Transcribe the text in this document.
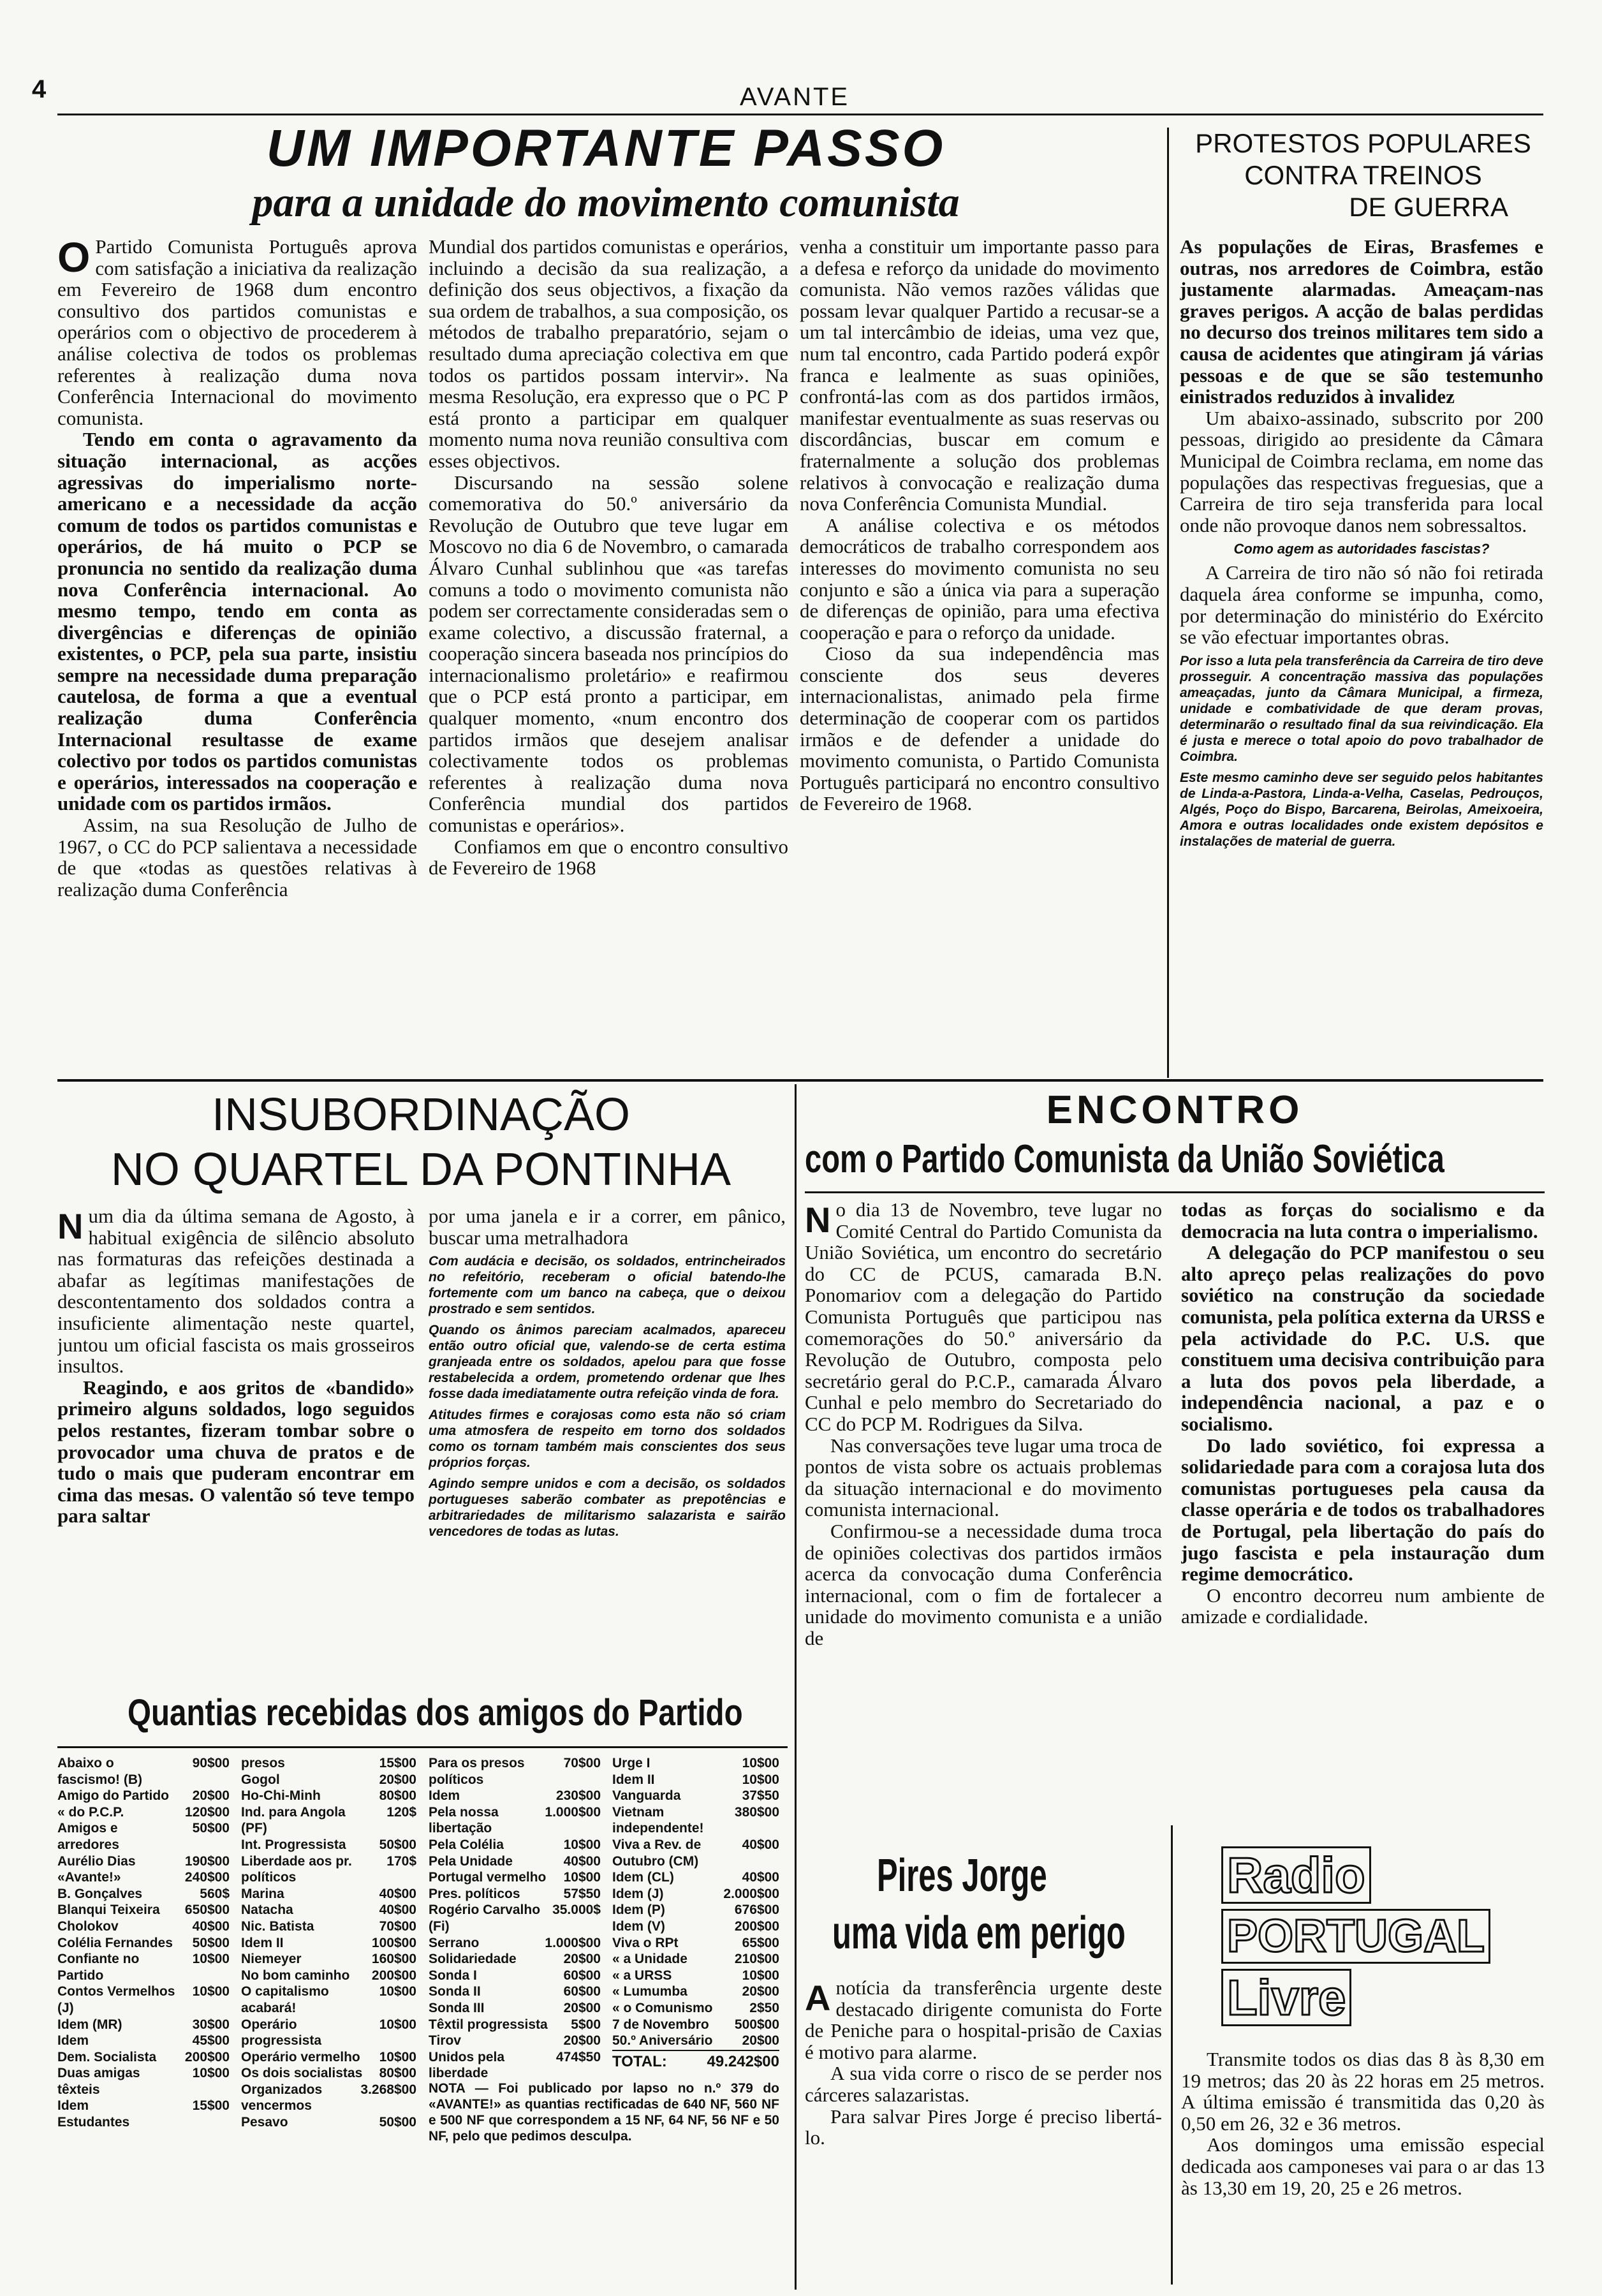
4	AVANTE
UM IMPORTANTE PASSO
para a unidade do movimento comunista
O Partido Comunista Português aprova com satisfação a iniciativa da realização em Fevereiro de 1968 dum encontro consultivo dos partidos comunistas e operários com o objectivo de procederem à análise colectiva de todos os problemas referentes à realização duma nova Conferência Internacional do movimento comunista.

Tendo em conta o agravamento da situação internacional, as acções agressivas do imperialismo norte-americano e a necessidade da acção comum de todos os partidos comunistas e operários, de há muito o PCP se pronuncia no sentido da realização duma nova Conferência internacional. Ao mesmo tempo, tendo em conta as divergências e diferenças de opinião existentes, o PCP, pela sua parte, insistiu sempre na necessidade duma preparação cautelosa, de forma a que a eventual realização duma Conferência Internacional resultasse de exame colectivo por todos os partidos comunistas e operários, interessados na cooperação e unidade com os partidos irmãos.

Assim, na sua Resolução de Julho de 1967, o CC do PCP salientava a necessidade de que «todas as questões relativas à realização duma Conferência

Mundial dos partidos comunistas e operários, incluindo a decisão da sua realização, a definição dos seus objectivos, a fixação da sua ordem de trabalhos, a sua composição, os métodos de trabalho preparatório, sejam o resultado duma apreciação colectiva em que todos os partidos possam intervir». Na mesma Resolução, era expresso que o PC P está pronto a participar em qualquer momento numa nova reunião consultiva com esses objectivos.

Discursando na sessão solene comemorativa do 50.º aniversário da Revolução de Outubro que teve lugar em Moscovo no dia 6 de Novembro, o camarada Álvaro Cunhal sublinhou que «as tarefas comuns a todo o movimento comunista não podem ser correctamente consideradas sem o exame colectivo, a discussão fraternal, a cooperação sincera baseada nos princípios do internacionalismo proletário» e reafirmou que o PCP está pronto a participar, em qualquer momento, «num encontro dos partidos irmãos que desejem analisar colectivamente todos os problemas referentes à realização duma nova Conferência mundial dos partidos comunistas e operários».

Confiamos em que o encontro consultivo de Fevereiro de 1968

venha a constituir um importante passo para a defesa e reforço da unidade do movimento comunista. Não vemos razões válidas que possam levar qualquer Partido a recusar-se a um tal intercâmbio de ideias, uma vez que, num tal encontro, cada Partido poderá expôr franca e lealmente as suas opiniões, confrontá-las com as dos partidos irmãos, manifestar eventualmente as suas reservas ou discordâncias, buscar em comum e fraternalmente a solução dos problemas relativos à convocação e realização duma nova Conferência Comunista Mundial.

A análise colectiva e os métodos democráticos de trabalho correspondem aos interesses do movimento comunista no seu conjunto e são a única via para a superação de diferenças de opinião, para uma efectiva cooperação e para o reforço da unidade.

Cioso da sua independência mas consciente dos seus deveres internacionalistas, animado pela firme determinação de cooperar com os partidos irmãos e de defender a unidade do movimento comunista, o Partido Comunista Português participará no encontro consultivo de Fevereiro de 1968.

PROTESTOS POPULARES
CONTRA TREINOS
DE GUERRA

As populações de Eiras, Brasfemes e outras, nos arredores de Coimbra, estão justamente alarmadas. Ameaçam-nas graves perigos. A acção de balas perdidas no decurso dos treinos militares tem sido a causa de acidentes que atingiram já várias pessoas e de que se são testemunho einistrados reduzidos à invalidez

Um abaixo-assinado, subscrito por 200 pessoas, dirigido ao presidente da Câmara Municipal de Coimbra reclama, em nome das populações das respectivas freguesias, que a Carreira de tiro seja transferida para local onde não provoque danos nem sobressaltos.

Como agem as autoridades fascistas?

A Carreira de tiro não só não foi retirada daquela área conforme se impunha, como, por determinação do ministério do Exército se vão efectuar importantes obras.

Por isso a luta pela transferência da Carreira de tiro deve prosseguir. A concentração massiva das populações ameaçadas, junto da Câmara Municipal, a firmeza, unidade e combatividade de que deram provas, determinarão o resultado final da sua reivindicação. Ela é justa e merece o total apoio do povo trabalhador de Coimbra.

Este mesmo caminho deve ser seguido pelos habitantes de Linda-a-Pastora, Linda-a-Velha, Caselas, Pedrouços, Algés, Poço do Bispo, Barcarena, Beirolas, Ameixoeira, Amora e outras localidades onde existem depósitos e instalações de material de guerra.

INSUBORDINAÇÃO
NO QUARTEL DA PONTINHA
N um dia da última semana de Agosto, à habitual exigência de silêncio absoluto nas formaturas das refeições destinada a abafar as legítimas manifestações de descontentamento dos soldados contra a insuficiente alimentação neste quartel, juntou um oficial fascista os mais grosseiros insultos.

Reagindo, e aos gritos de «bandido» primeiro alguns soldados, logo seguidos pelos restantes, fizeram tombar sobre o provocador uma chuva de pratos e de tudo o mais que puderam encontrar em cima das mesas. O valentão só teve tempo para saltar

por uma janela e ir a correr, em pânico, buscar uma metralhadora

Com audácia e decisão, os soldados, entrincheirados no refeitório, receberam o oficial batendo-lhe fortemente com um banco na cabeça, que o deixou prostrado e sem sentidos.

Quando os ânimos pareciam acalmados, apareceu então outro oficial que, valendo-se de certa estima granjeada entre os soldados, apelou para que fosse restabelecida a ordem, prometendo ordenar que lhes fosse dada imediatamente outra refeição vinda de fora.

Atitudes firmes e corajosas como esta não só criam uma atmosfera de respeito em torno dos soldados como os tornam também mais conscientes dos seus próprios forças.

Agindo sempre unidos e com a decisão, os soldados portugueses saberão combater as prepotências e arbitrariedades de militarismo salazarista e sairão vencedores de todas as lutas.

Quantias recebidas dos amigos do Partido
Abaixo o fascismo! (B)
90$00
Amigo do Partido 20$00
« do P.C.P.	120$00
Amigos e arredores
50$00
Aurélio Dias	190$00
«Avante!»	240$00
B. Gonçalves	560$
Blanqui Teixeira 650$00
Cholokov	40$00
Colélia Fernandes 50$00
Confiante no Partido
10$00
Contos Vermelhos (J)
10$00
Idem (MR)	30$00
Idem	45$00
Dem. Socialista 200$00
Duas amigas têxteis
10$00
Idem	15$00
Estudantes
presos	15$00
Gogol	20$00
Ho-Chi-Minh	80$00
Ind. para Angola (PF)
120$
Int. Progressista 50$00
Liberdade aos pr. políticos
170$
Marina	40$00
Natacha	40$00
Nic. Batista	70$00
Idem II	100$00
Niemeyer	160$00
No bom caminho 200$00
O capitalismo acabará!
10$00
Operário progressista
10$00
Operário vermelho 10$00
Os dois socialistas 80$00
Organizados vencermos
3.268$00
Pesavo	50$00
Para os presos políticos
70$00
Idem	230$00
Pela nossa libertação
1.000$00
Pela Colélia	10$00
Pela Unidade	40$00
Portugal vermelho 10$00
Pres. políticos	57$50
Rogério Carvalho (Fi)
35.000$
Serrano	1.000$00
Solidariedade	20$00
Sonda I	60$00
Sonda II	60$00
Sonda III	20$00
Têxtil progressista 5$00
Tirov	20$00
Unidos pela liberdade
474$50
Urge I	10$00
Idem II	10$00
Vanguarda	37$50
Vietnam independente!
380$00
Viva a Rev. de Outubro (CM)
40$00
Idem (CL)	40$00
Idem (J)	2.000$00
Idem (P)	676$00
Idem (V)	200$00
Viva o RPt	65$00
« a Unidade	210$00
« a URSS	10$00
« Lumumba	20$00
« o Comunismo	2$50
7 de Novembro 500$00
50.º Aniversário 20$00
TOTAL:	49.242$00
NOTA — Foi publicado por lapso no n.º 379 do «AVANTE!» as quantias rectificadas de 640 NF, 560 NF e 500 NF que correspondem a 15 NF, 64 NF, 56 NF e 50 NF, pelo que pedimos desculpa.
ENCONTRO
com o Partido Comunista da União Soviética
N o dia 13 de Novembro, teve lugar no Comité Central do Partido Comunista da União Soviética, um encontro do secretário do CC de PCUS, camarada B.N. Ponomariov com a delegação do Partido Comunista Português que participou nas comemorações do 50.º aniversário da Revolução de Outubro, composta pelo secretário geral do P.C.P., camarada Álvaro Cunhal e pelo membro do Secretariado do CC do PCP M. Rodrigues da Silva.

Nas conversações teve lugar uma troca de pontos de vista sobre os actuais problemas da situação internacional e do movimento comunista internacional.

Confirmou-se a necessidade duma troca de opiniões colectivas dos partidos irmãos acerca da convocação duma Conferência internacional, com o fim de fortalecer a unidade do movimento comunista e a união de

todas as forças do socialismo e da democracia na luta contra o imperialismo.

A delegação do PCP manifestou o seu alto apreço pelas realizações do povo soviético na construção da sociedade comunista, pela política externa da URSS e pela actividade do P.C. U.S. que constituem uma decisiva contribuição para a luta dos povos pela liberdade, a independência nacional, a paz e o socialismo.

Do lado soviético, foi expressa a solidariedade para com a corajosa luta dos comunistas portugueses pela causa da classe operária e de todos os trabalhadores de Portugal, pela libertação do país do jugo fascista e pela instauração dum regime democrático.

O encontro decorreu num ambiente de amizade e cordialidade.

Pires Jorge
uma vida em perigo
A notícia da transferência urgente deste destacado dirigente comunista do Forte de Peniche para o hospital-prisão de Caxias é motivo para alarme.

A sua vida corre o risco de se perder nos cárceres salazaristas.

Para salvar Pires Jorge é preciso libertá-lo.

Radio PORTUGAL Livre

Transmite todos os dias das 8 às 8,30 em 19 metros; das 20 às 22 horas em 25 metros. A última emissão é transmitida das 0,20 às 0,50 em 26, 32 e 36 metros.

Aos domingos uma emissão especial dedicada aos camponeses vai para o ar das 13 às 13,30 em 19, 20, 25 e 26 metros.
